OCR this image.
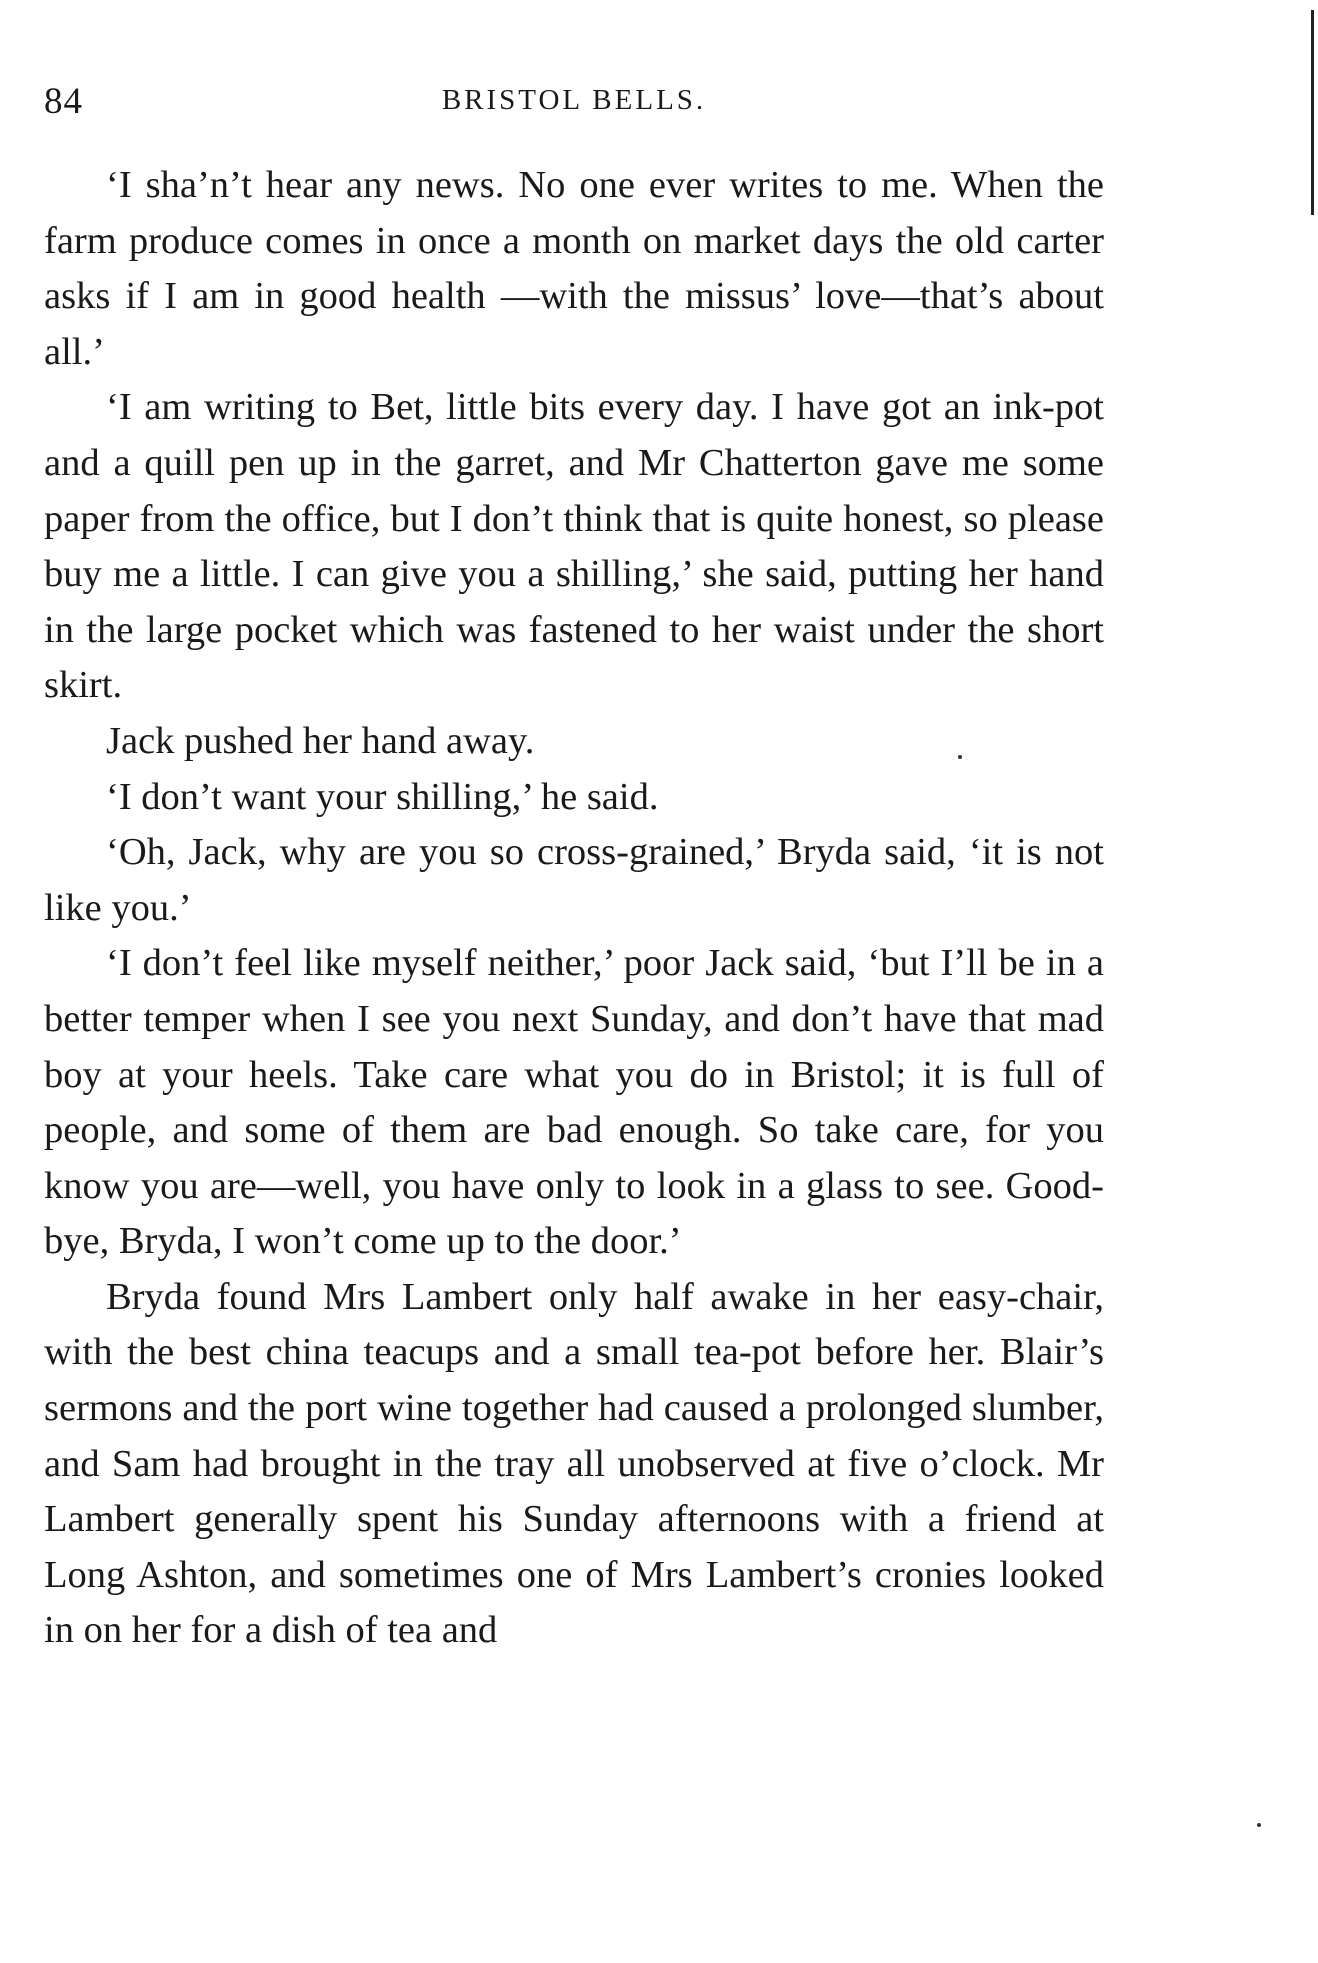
84	BRISTOL BELLS.

‘I sha’n’t hear any news. No one ever writes to me. When the farm produce comes in once a month on market days the old carter asks if I am in good health —with the missus’ love—that’s about all.’

‘I am writing to Bet, little bits every day. I have got an ink-pot and a quill pen up in the garret, and Mr Chatterton gave me some paper from the office, but I don’t think that is quite honest, so please buy me a little. I can give you a shilling,’ she said, putting her hand in the large pocket which was fastened to her waist under the short skirt.

Jack pushed her hand away.

‘I don’t want your shilling,’ he said.

‘Oh, Jack, why are you so cross-grained,’ Bryda said, ‘it is not like you.’

‘I don’t feel like myself neither,’ poor Jack said, ‘but I’ll be in a better temper when I see you next Sunday, and don’t have that mad boy at your heels. Take care what you do in Bristol; it is full of people, and some of them are bad enough. So take care, for you know you are—well, you have only to look in a glass to see. Good-bye, Bryda, I won’t come up to the door.’

Bryda found Mrs Lambert only half awake in her easy-chair, with the best china teacups and a small tea-pot before her. Blair’s sermons and the port wine together had caused a prolonged slumber, and Sam had brought in the tray all unobserved at five o’clock. Mr Lambert generally spent his Sunday afternoons with a friend at Long Ashton, and sometimes one of Mrs Lambert’s cronies looked in on her for a dish of tea and
